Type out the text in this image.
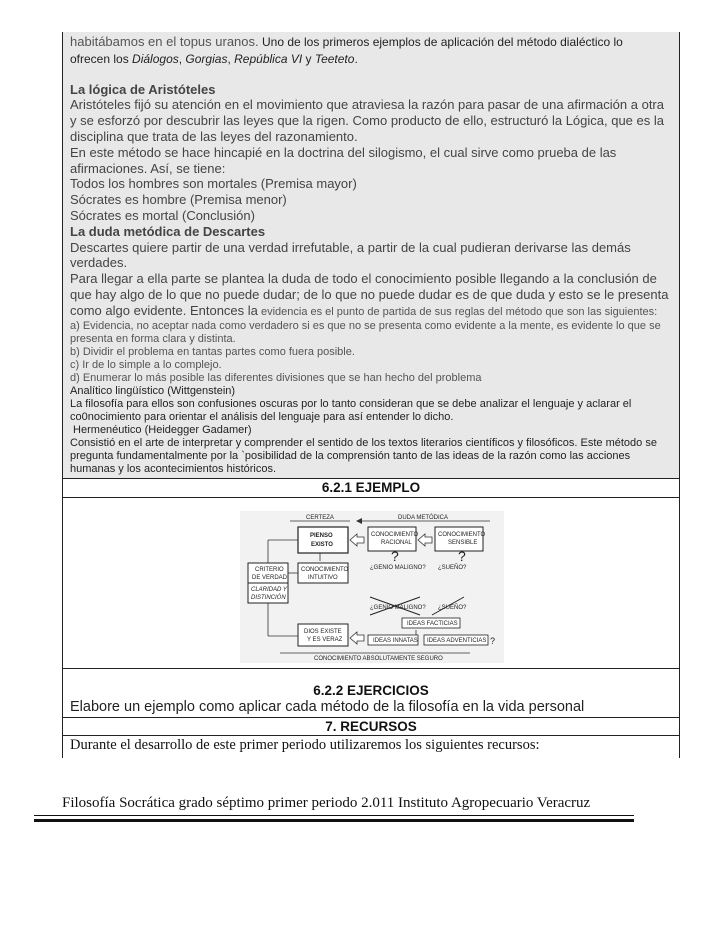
habitábamos en el topus uranos. Uno de los primeros ejemplos de aplicación del método dialéctico lo
ofrecen los Diálogos, Gorgias, República VI y Teeteto.
La lógica de Aristóteles
Aristóteles fijó su atención en el movimiento que atraviesa la razón para pasar de una afirmación a otra y se esforzó por descubrir las leyes que la rigen. Como producto de ello, estructuró la Lógica, que es la disciplina que trata de las leyes del razonamiento.
En este método se hace hincapié en la doctrina del silogismo, el cual sirve como prueba de las afirmaciones. Así, se tiene:
Todos los hombres son mortales (Premisa mayor)
Sócrates es hombre (Premisa menor)
Sócrates es mortal (Conclusión)
La duda metódica de Descartes
Descartes quiere partir de una verdad irrefutable, a partir de la cual pudieran derivarse las demás verdades.
Para llegar a ella parte se plantea la duda de todo el conocimiento posible llegando a la conclusión de que hay algo de lo que no puede dudar; de lo que no puede dudar es de que duda y esto se le presenta como algo evidente. Entonces la evidencia es el punto de partida de sus reglas del método que son las siguientes:
a) Evidencia, no aceptar nada como verdadero si es que no se presenta como evidente a la mente, es evidente lo que se presenta en forma clara y distinta.
b) Dividir el problema en tantas partes como fuera posible.
c) Ir de lo simple a lo complejo.
d) Enumerar lo más posible las diferentes divisiones que se han hecho del problema
Analítico lingüístico (Wittgenstein)
La filosofía para ellos son confusiones oscuras por lo tanto consideran que se debe analizar el lenguaje y aclarar el co0nocimiento para orientar el análisis del lenguaje para así entender lo dicho.
Hermenéutico (Heidegger Gadamer)
Consistió en el arte de interpretar y comprender el sentido de los textos literarios científicos y filosóficos. Este método se pregunta fundamentalmente por la `posibilidad de la comprensión tanto de las ideas de la razón como las acciones humanas y los acontecimientos históricos.
6.2.1 EJEMPLO
CERTEZA	DUDA METÓDICA
PIENSO
EXISTO
CONOCIMIENTO
RACIONAL
CONOCIMIENTO
SENSIBLE
?	?
¿GENIO MALIGNO? ¿SUEÑO?
CRITERIO
DE VERDAD
CLARIDAD Y
DISTINCIÓN
CONOCIMIENTO
INTUITIVO
¿GENIO MALIGNO? ¿SUEÑO?
IDEAS FACTICIAS
DIOS EXISTE
Y ES VERAZ	IDEAS INNATAS IDEAS ADVENTICIAS ?
CONOCIMIENTO ABSOLUTAMENTE SEGURO
6.2.2 EJERCICIOS
Elabore un ejemplo como aplicar cada método de la filosofía en la vida personal
7. RECURSOS
Durante el desarrollo de este primer periodo utilizaremos los siguientes recursos:
Filosofía Socrática grado séptimo primer periodo 2.011 Instituto Agropecuario Veracruz
